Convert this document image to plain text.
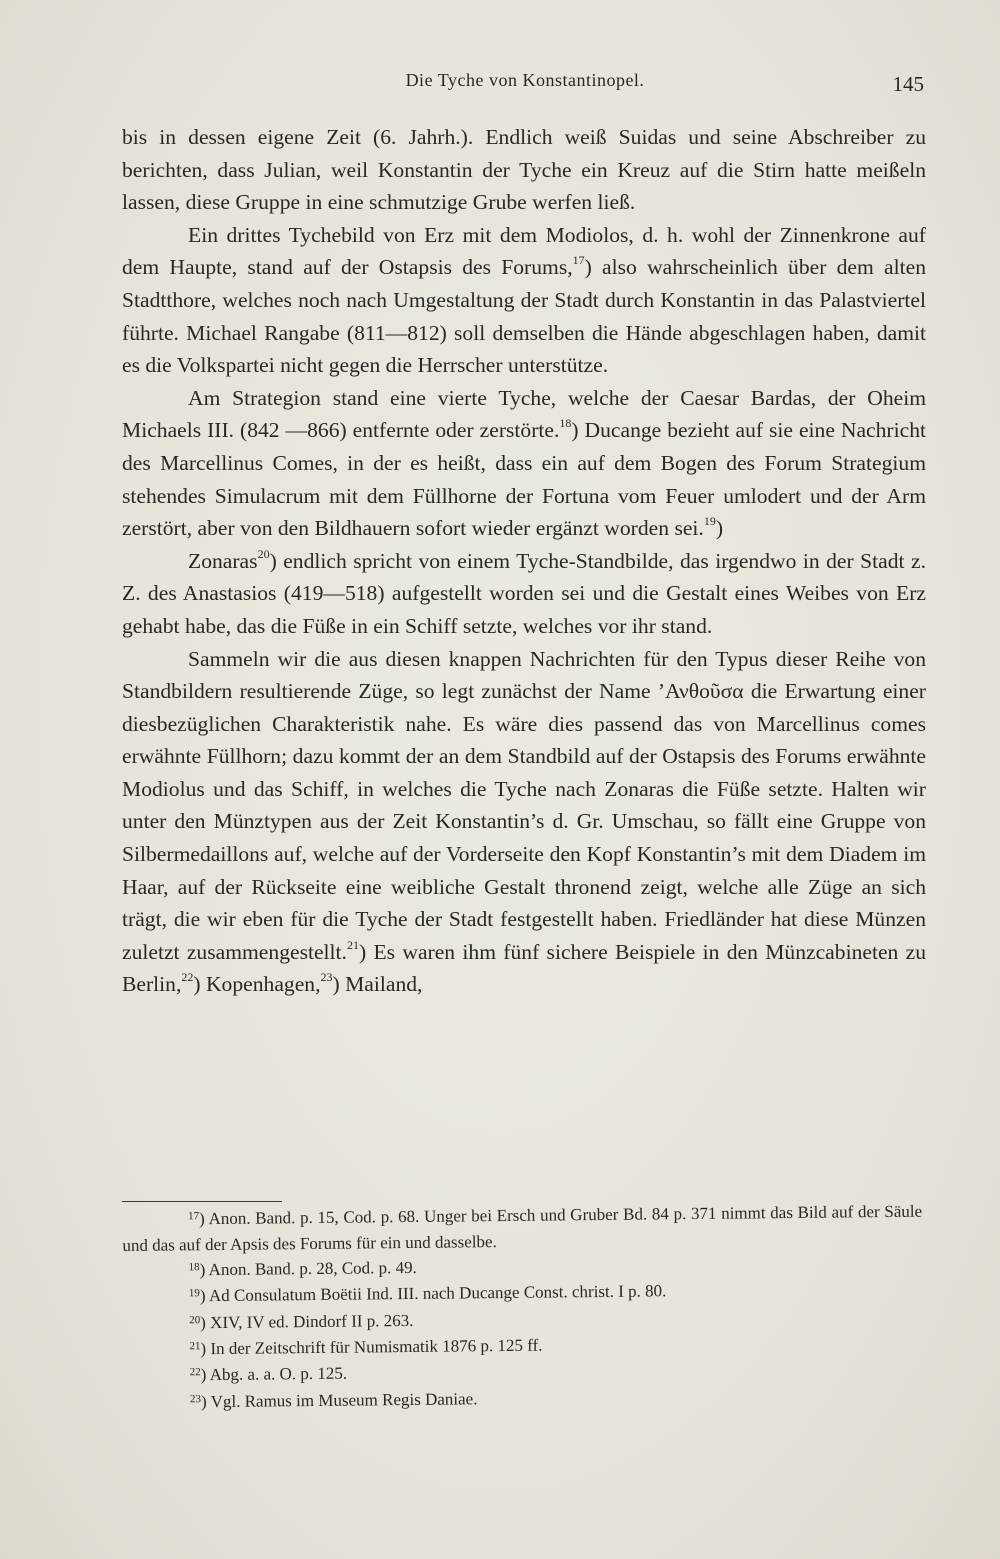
Die Tyche von Konstantinopel.	145

bis in dessen eigene Zeit (6. Jahrh.). Endlich weiß Suidas und seine Abschreiber zu berichten, dass Julian, weil Konstantin der Tyche ein Kreuz auf die Stirn hatte meißeln lassen, diese Gruppe in eine schmutzige Grube werfen ließ.

Ein drittes Tychebild von Erz mit dem Modiolos, d. h. wohl der Zinnenkrone auf dem Haupte, stand auf der Ostapsis des Forums,$^{17}$) also wahrscheinlich über dem alten Stadtthore, welches noch nach Umgestaltung der Stadt durch Konstantin in das Palastviertel führte. Michael Rangabe (811—812) soll demselben die Hände abgeschlagen haben, damit es die Volkspartei nicht gegen die Herrscher unterstütze.

Am Strategion stand eine vierte Tyche, welche der Caesar Bardas, der Oheim Michaels III. (842 —866) entfernte oder zerstörte.$^{18}$) Ducange bezieht auf sie eine Nachricht des Marcellinus Comes, in der es heißt, dass ein auf dem Bogen des Forum Strategium stehendes Simulacrum mit dem Füllhorne der Fortuna vom Feuer umlodert und der Arm zerstört, aber von den Bildhauern sofort wieder ergänzt worden sei.$^{19}$)

Zonaras$^{20}$) endlich spricht von einem Tyche-Standbilde, das irgendwo in der Stadt z. Z. des Anastasios (419—518) aufgestellt worden sei und die Gestalt eines Weibes von Erz gehabt habe, das die Füße in ein Schiff setzte, welches vor ihr stand.

Sammeln wir die aus diesen knappen Nachrichten für den Typus dieser Reihe von Standbildern resultierende Züge, so legt zunächst der Name ’Ανθοῦσα die Erwartung einer diesbezüglichen Charakteristik nahe. Es wäre dies passend das von Marcellinus comes erwähnte Füllhorn; dazu kommt der an dem Standbild auf der Ostapsis des Forums erwähnte Modiolus und das Schiff, in welches die Tyche nach Zonaras die Füße setzte. Halten wir unter den Münztypen aus der Zeit Konstantin’s d. Gr. Umschau, so fällt eine Gruppe von Silbermedaillons auf, welche auf der Vorderseite den Kopf Konstantin’s mit dem Diadem im Haar, auf der Rückseite eine weibliche Gestalt thronend zeigt, welche alle Züge an sich trägt, die wir eben für die Tyche der Stadt festgestellt haben. Friedländer hat diese Münzen zuletzt zusammengestellt.$^{21}$) Es waren ihm fünf sichere Beispiele in den Münzcabineten zu Berlin,$^{22}$) Kopenhagen,$^{23}$) Mailand,

$^{17}$) Anon. Band. p. 15, Cod. p. 68. Unger bei Ersch und Gruber Bd. 84 p. 371 nimmt das Bild auf der Säule und das auf der Apsis des Forums für ein und dasselbe.

$^{18}$) Anon. Band. p. 28, Cod. p. 49.

$^{19}$) Ad Consulatum Boëtii Ind. III. nach Ducange Const. christ. I p. 80.

$^{20}$) XIV, IV ed. Dindorf II p. 263.

$^{21}$) In der Zeitschrift für Numismatik 1876 p. 125 ff.

$^{22}$) Abg. a. a. O. p. 125.

$^{23}$) Vgl. Ramus im Museum Regis Daniae.
